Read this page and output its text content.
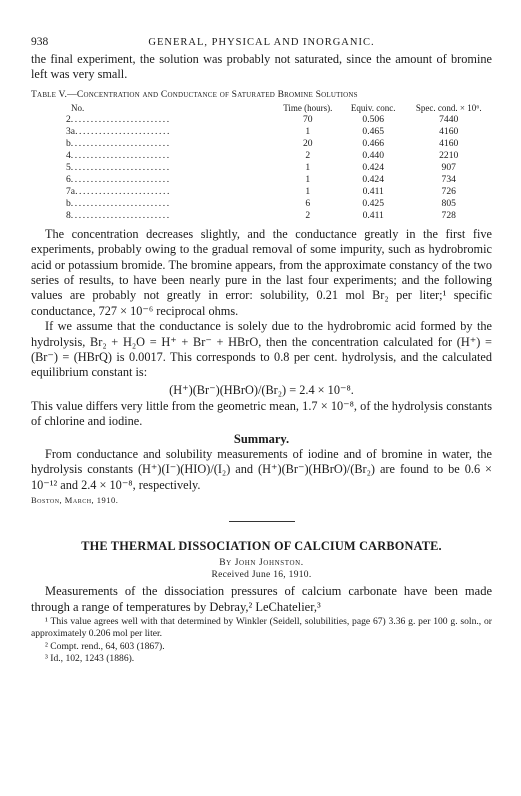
938	GENERAL, PHYSICAL AND INORGANIC.

the final experiment, the solution was probably not saturated, since the amount of bromine left was very small.

Table V.—Concentration and Conductance of Saturated Bromine Solutions
No.	Time (hours).	Equiv. conc.	Spec. cond. × 10⁶.
2.........................	70	0.506	7440
3a........................	1	0.465	4160
b.........................	20	0.466	4160
4.........................	2	0.440	2210
5.........................	1	0.424	907
6.........................	1	0.424	734
7a........................	1	0.411	726
b.........................	6	0.425	805
8.........................	2	0.411	728

The concentration decreases slightly, and the conductance greatly in the first five experiments, probably owing to the gradual removal of some impurity, such as hydrobromic acid or potassium bromide. The bromine appears, from the approximate constancy of the two series of results, to have been nearly pure in the last four experiments; and the following values are probably not greatly in error: solubility, 0.21 mol Br₂ per liter;¹ specific conductance, 727 × 10⁻⁶ reciprocal ohms.

If we assume that the conductance is solely due to the hydrobromic acid formed by the hydrolysis, Br₂ + H₂O = H⁺ + Br⁻ + HBrO, then the concentration calculated for (H⁺) = (Br⁻) = (HBrQ) is 0.0017. This corresponds to 0.8 per cent. hydrolysis, and the calculated equilibrium constant is:

(H⁺)(Br⁻)(HBrO)/(Br₂) = 2.4 × 10⁻⁸.

This value differs very little from the geometric mean, 1.7 × 10⁻⁸, of the hydrolysis constants of chlorine and iodine.

Summary.

From conductance and solubility measurements of iodine and of bromine in water, the hydrolysis constants (H⁺)(I⁻)(HIO)/(I₂) and (H⁺)(Br⁻)(HBrO)/(Br₂) are found to be 0.6 × 10⁻¹² and 2.4 × 10⁻⁸, respectively.

Boston, March, 1910.
THE THERMAL DISSOCIATION OF CALCIUM CARBONATE.
By John Johnston.
Received June 16, 1910.

Measurements of the dissociation pressures of calcium carbonate have been made through a range of temperatures by Debray,² LeChatelier,³

¹ This value agrees well with that determined by Winkler (Seidell, solubilities, page 67) 3.36 g. per 100 g. soln., or approximately 0.206 mol per liter.

² Compt. rend., 64, 603 (1867).

³ Id., 102, 1243 (1886).
